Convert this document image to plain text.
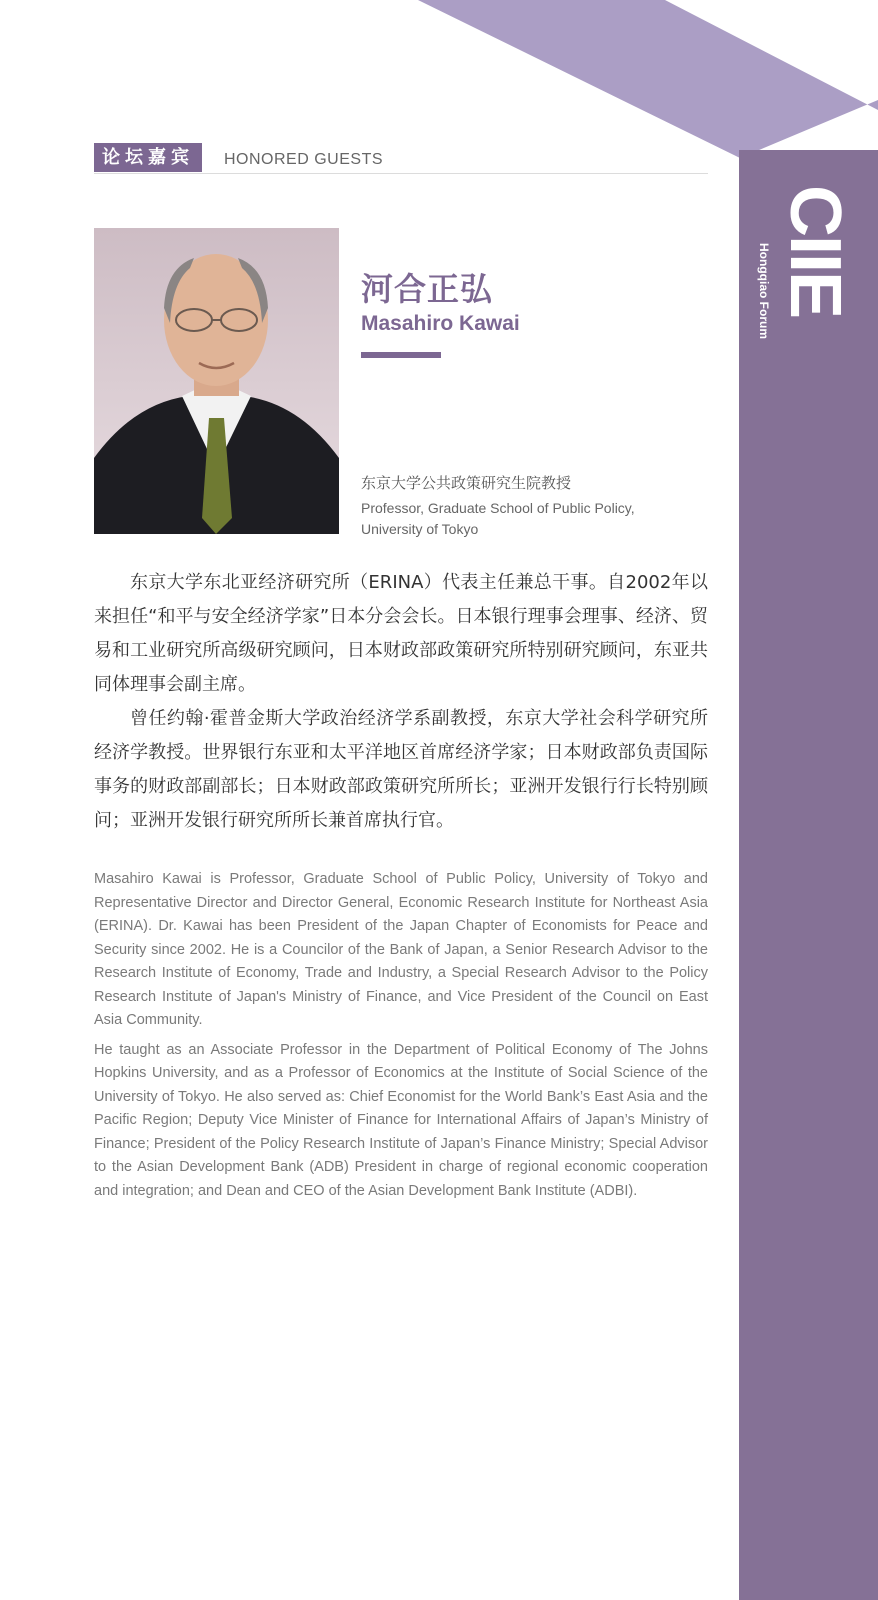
CIIE
Hongqiao Forum
论坛嘉宾	HONORED GUESTS
河合正弘
Masahiro Kawai
东京大学公共政策研究生院教授
Professor, Graduate School of Public Policy, University of Tokyo

东京大学东北亚经济研究所（ERINA）代表主任兼总干事。自2002年以来担任“和平与安全经济学家”日本分会会长。日本银行理事会理事、经济、贸易和工业研究所高级研究顾问，日本财政部政策研究所特别研究顾问，东亚共同体理事会副主席。

曾任约翰·霍普金斯大学政治经济学系副教授，东京大学社会科学研究所经济学教授。世界银行东亚和太平洋地区首席经济学家；日本财政部负责国际事务的财政部副部长；日本财政部政策研究所所长；亚洲开发银行行长特别顾问；亚洲开发银行研究所所长兼首席执行官。

Masahiro Kawai is Professor, Graduate School of Public Policy, University of Tokyo and Representative Director and Director General, Economic Research Institute for Northeast Asia (ERINA). Dr. Kawai has been President of the Japan Chapter of Economists for Peace and Security since 2002. He is a Councilor of the Bank of Japan, a Senior Research Advisor to the Research Institute of Economy, Trade and Industry, a Special Research Advisor to the Policy Research Institute of Japan's Ministry of Finance, and Vice President of the Council on East Asia Community.

He taught as an Associate Professor in the Department of Political Economy of The Johns Hopkins University, and as a Professor of Economics at the Institute of Social Science of the University of Tokyo. He also served as: Chief Economist for the World Bank’s East Asia and the Pacific Region; Deputy Vice Minister of Finance for International Affairs of Japan’s Ministry of Finance; President of the Policy Research Institute of Japan’s Finance Ministry; Special Advisor to the Asian Development Bank (ADB) President in charge of regional economic cooperation and integration; and Dean and CEO of the Asian Development Bank Institute (ADBI).
